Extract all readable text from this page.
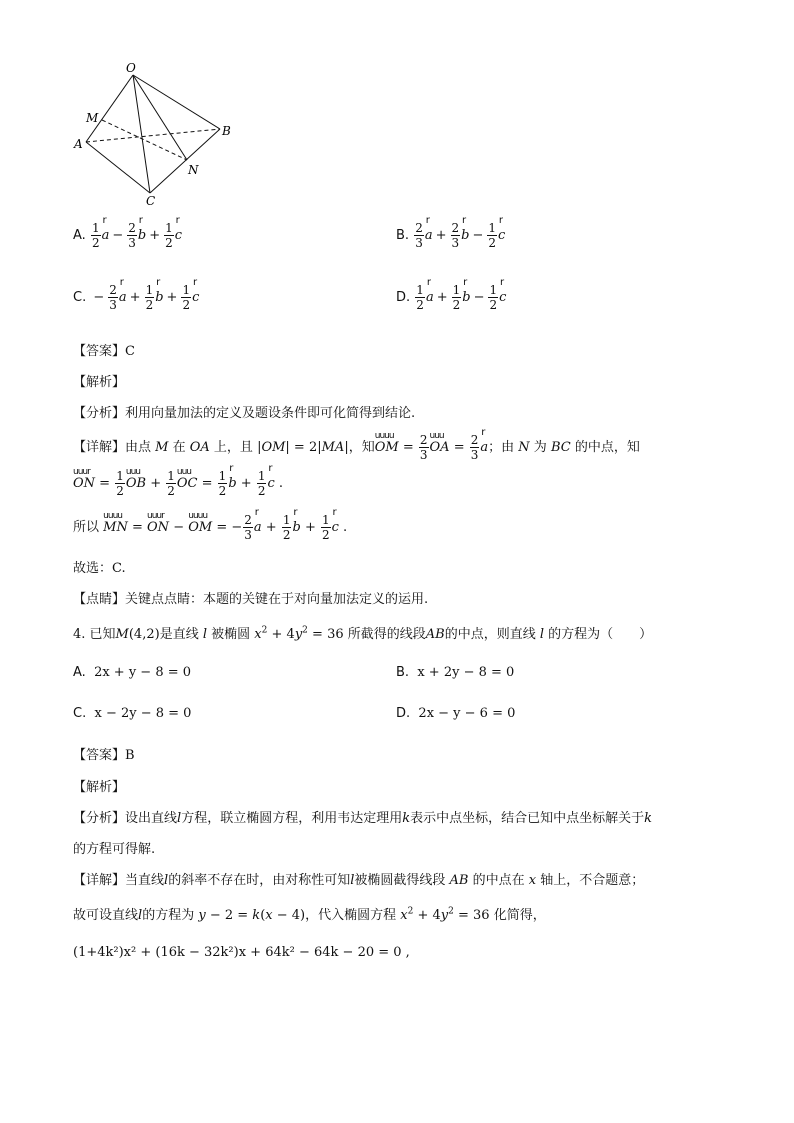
O
M
A
B
N
C
A. 1
r
2 a − 2
r
3 b + 1
r
2 c	B. 2
r
3 a + 2
r
3 b − 1
r
2 c
C. − 2
r
3 a + 1
r
2 b + 1
r
2 c	D. 1
r
2 a + 1
r
2 b − 1
r
2 c
【答案】C
【解析】
【分析】利用向量加法的定义及题设条件即可化简得到结论.
【详解】由点 M 在 OA 上，且 |OM| = 2|MA|，知
uuuu
OM = $\frac{2}{3}$ uuu
OA = 2
r
3 a；由 N 为 BC 的中点，知
uuur
ON = $\frac{1}{2}$ uuu
OB + $\frac{1}{2}$ uuu
OC = 1
r
2 b + 1
r
2 c .
所以
uuuu
MN =
uuur
ON −
uuuu
OM = − 2
r
3 a + 1
r
2 b + 1
r
2 c .
故选：C.
【点睛】关键点点睛：本题的关键在于对向量加法定义的运用.
4. 已知M(4,2)是直线 l 被椭圆 $x^2 + 4y^2 = 36$ 所截得的线段AB的中点，则直线 l 的方程为（　　）
A. 2x + y − 8 = 0	B. x + 2y − 8 = 0
C. x − 2y − 8 = 0	D. 2x − y − 6 = 0
【答案】B
【解析】
【分析】设出直线l方程，联立椭圆方程，利用韦达定理用k表示中点坐标，结合已知中点坐标解关于k
的方程可得解.
【详解】当直线l的斜率不存在时，由对称性可知l被椭圆截得线段 AB 的中点在 x 轴上，不合题意；
故可设直线l的方程为 y − 2 = k(x − 4)，代入椭圆方程 $x^2 + 4y^2 = 36$ 化简得，
(1+4k²)x² + (16k − 32k²)x + 64k² − 64k − 20 = 0 ,
